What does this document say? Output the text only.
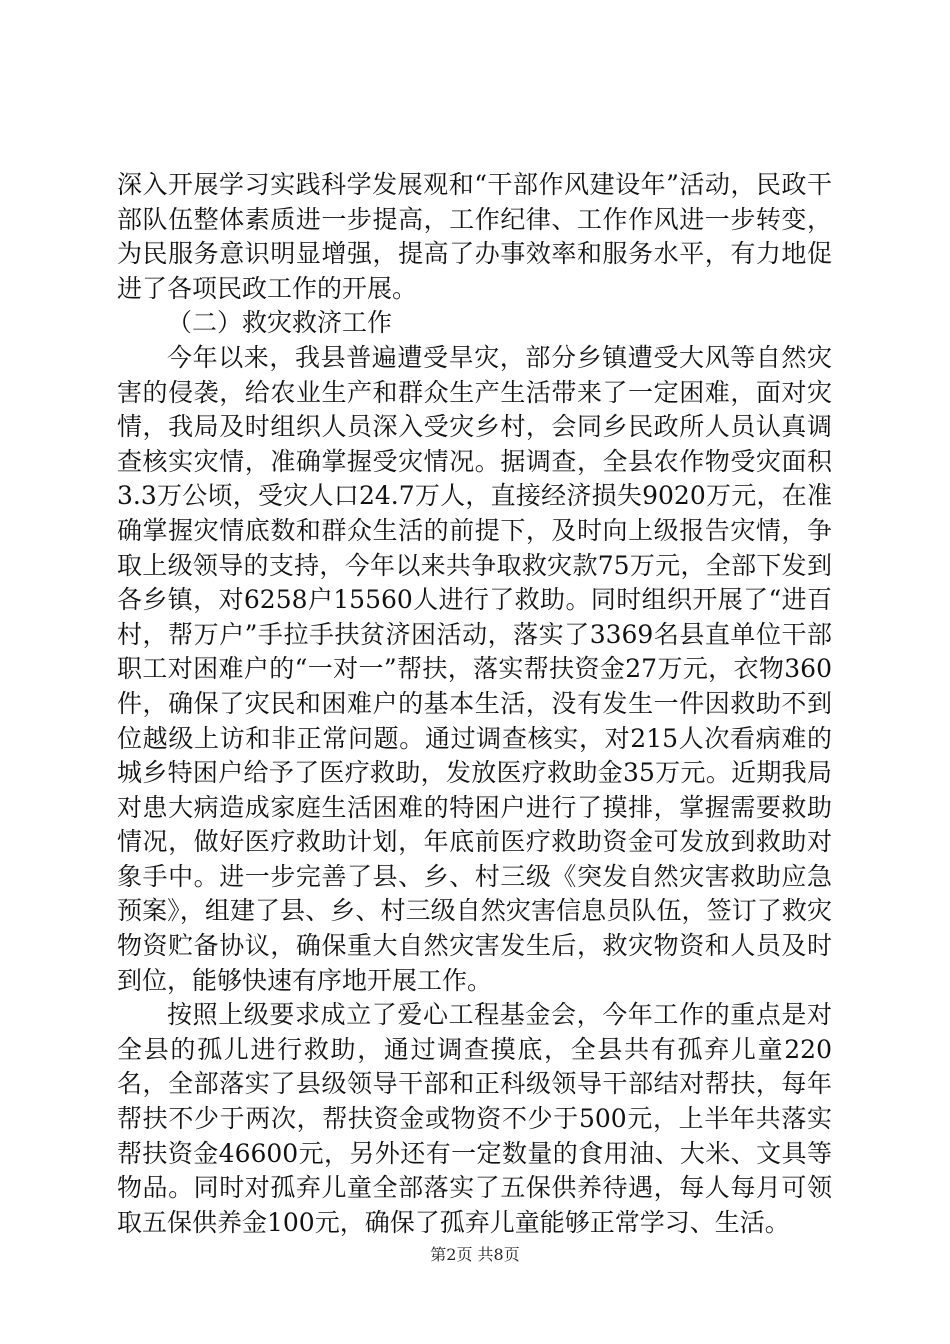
深入开展学习实践科学发展观和“干部作风建设年”活动，民政干部队伍整体素质进一步提高，工作纪律、工作作风进一步转变，为民服务意识明显增强，提高了办事效率和服务水平，有力地促进了各项民政工作的开展。

（二）救灾救济工作

今年以来，我县普遍遭受旱灾，部分乡镇遭受大风等自然灾害的侵袭，给农业生产和群众生产生活带来了一定困难，面对灾情，我局及时组织人员深入受灾乡村，会同乡民政所人员认真调查核实灾情，准确掌握受灾情况。据调查，全县农作物受灾面积3.3万公顷，受灾人口24.7万人，直接经济损失9020万元，在准确掌握灾情底数和群众生活的前提下，及时向上级报告灾情，争取上级领导的支持，今年以来共争取救灾款75万元，全部下发到各乡镇，对6258户15560人进行了救助。同时组织开展了“进百村，帮万户”手拉手扶贫济困活动，落实了3369名县直单位干部职工对困难户的“一对一”帮扶，落实帮扶资金27万元，衣物360件，确保了灾民和困难户的基本生活，没有发生一件因救助不到位越级上访和非正常问题。通过调查核实，对215人次看病难的城乡特困户给予了医疗救助，发放医疗救助金35万元。近期我局对患大病造成家庭生活困难的特困户进行了摸排，掌握需要救助情况，做好医疗救助计划，年底前医疗救助资金可发放到救助对象手中。进一步完善了县、乡、村三级《突发自然灾害救助应急预案》，组建了县、乡、村三级自然灾害信息员队伍，签订了救灾物资贮备协议，确保重大自然灾害发生后，救灾物资和人员及时到位，能够快速有序地开展工作。

按照上级要求成立了爱心工程基金会，今年工作的重点是对全县的孤儿进行救助，通过调查摸底，全县共有孤弃儿童220名，全部落实了县级领导干部和正科级领导干部结对帮扶，每年帮扶不少于两次，帮扶资金或物资不少于500元，上半年共落实帮扶资金46600元，另外还有一定数量的食用油、大米、文具等物品。同时对孤弃儿童全部落实了五保供养待遇，每人每月可领取五保供养金100元，确保了孤弃儿童能够正常学习、生活。

第2页 共8页
